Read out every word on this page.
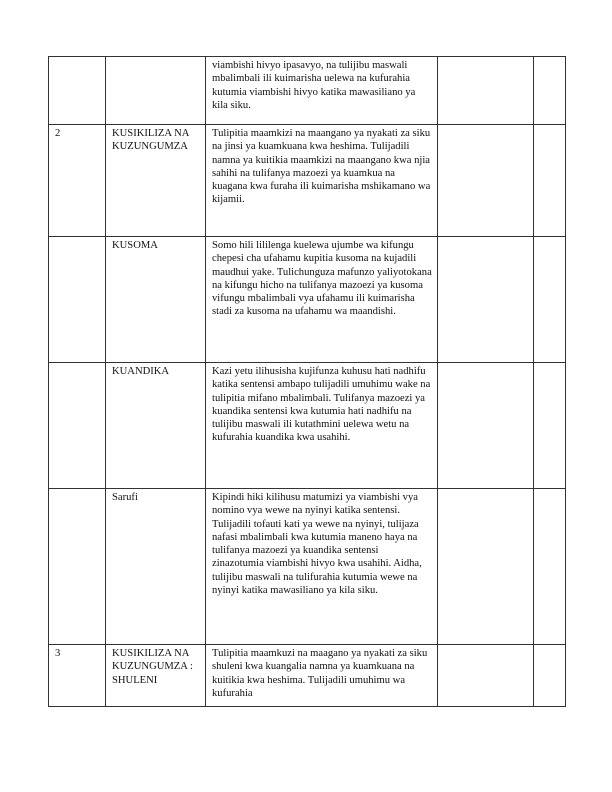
		viambishi hivyo ipasavyo, na tulijibu maswali mbalimbali ili kuimarisha uelewa na kufurahia kutumia viambishi hivyo katika mawasiliano ya kila siku.		
2	KUSIKILIZA NA KUZUNGUMZA	Tulipitia maamkizi na maangano ya nyakati za siku na jinsi ya kuamkuana kwa heshima. Tulijadili namna ya kuitikia maamkizi na maangano kwa njia sahihi na tulifanya mazoezi ya kuamkua na kuagana kwa furaha ili kuimarisha mshikamano wa kijamii.		
	KUSOMA	Somo hili lililenga kuelewa ujumbe wa kifungu chepesi cha ufahamu kupitia kusoma na kujadili maudhui yake. Tulichunguza mafunzo yaliyotokana na kifungu hicho na tulifanya mazoezi ya kusoma vifungu mbalimbali vya ufahamu ili kuimarisha stadi za kusoma na ufahamu wa maandishi.		
	KUANDIKA	Kazi yetu ilihusisha kujifunza kuhusu hati nadhifu katika sentensi ambapo tulijadili umuhimu wake na tulipitia mifano mbalimbali. Tulifanya mazoezi ya kuandika sentensi kwa kutumia hati nadhifu na tulijibu maswali ili kutathmini uelewa wetu na kufurahia kuandika kwa usahihi.		
	Sarufi	Kipindi hiki kilihusu matumizi ya viambishi vya nomino vya wewe na nyinyi katika sentensi. Tulijadili tofauti kati ya wewe na nyinyi, tulijaza nafasi mbalimbali kwa kutumia maneno haya na tulifanya mazoezi ya kuandika sentensi zinazotumia viambishi hivyo kwa usahihi. Aidha, tulijibu maswali na tulifurahia kutumia wewe na nyinyi katika mawasiliano ya kila siku.		
3	KUSIKILIZA NA KUZUNGUMZA : SHULENI	Tulipitia maamkuzi na maagano ya nyakati za siku shuleni kwa kuangalia namna ya kuamkuana na kuitikia kwa heshima. Tulijadili umuhimu wa kufurahia		
